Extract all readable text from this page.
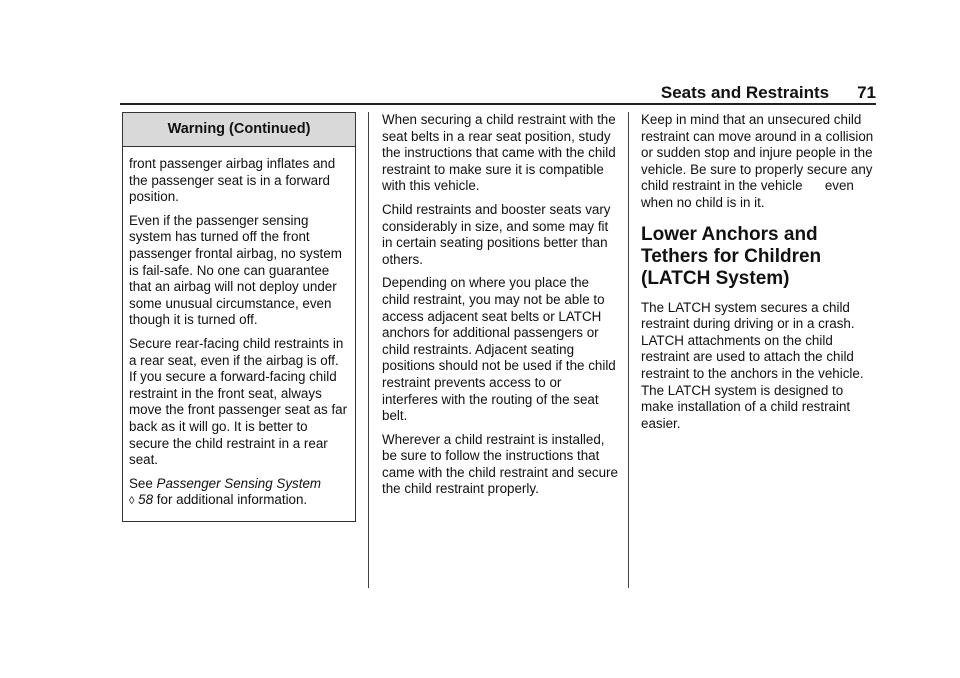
Seats and Restraints 71
Warning (Continued)

front passenger airbag inflates and the passenger seat is in a forward position.

Even if the passenger sensing system has turned off the front passenger frontal airbag, no system is fail-safe. No one can guarantee that an airbag will not deploy under some unusual circumstance, even though it is turned off.

Secure rear-facing child restraints in a rear seat, even if the airbag is off. If you secure a forward-facing child restraint in the front seat, always move the front passenger seat as far back as it will go. It is better to secure the child restraint in a rear seat.

See Passenger Sensing System
◊ 58 for additional information.

When securing a child restraint with the seat belts in a rear seat position, study the instructions that came with the child restraint to make sure it is compatible with this vehicle.

Child restraints and booster seats vary considerably in size, and some may fit in certain seating positions better than others.

Depending on where you place the child restraint, you may not be able to access adjacent seat belts or LATCH anchors for additional passengers or child restraints. Adjacent seating positions should not be used if the child restraint prevents access to or interferes with the routing of the seat belt.

Wherever a child restraint is installed, be sure to follow the instructions that came with the child restraint and secure the child restraint properly.

Keep in mind that an unsecured child restraint can move around in a collision or sudden stop and injure people in the vehicle. Be sure to properly secure any child restraint in the vehicle      even when no child is in it.

Lower Anchors and
Tethers for Children
(LATCH System)

The LATCH system secures a child restraint during driving or in a crash. LATCH attachments on the child restraint are used to attach the child restraint to the anchors in the vehicle. The LATCH system is designed to make installation of a child restraint easier.
